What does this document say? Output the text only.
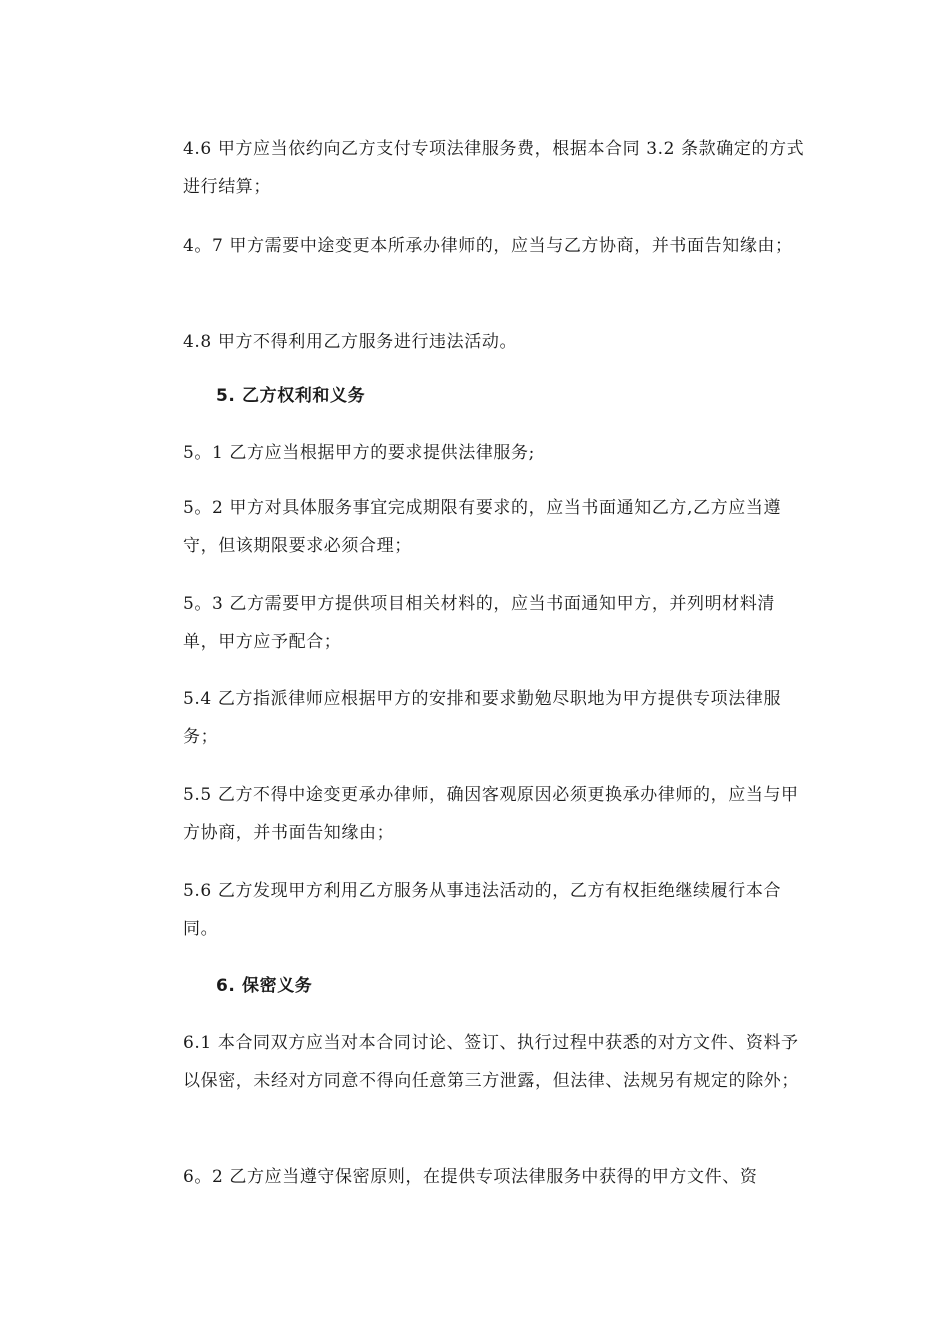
4.6 甲方应当依约向乙方支付专项法律服务费，根据本合同 3.2 条款确定的方式进行结算；

4。7 甲方需要中途变更本所承办律师的，应当与乙方协商，并书面告知缘由；

4.8 甲方不得利用乙方服务进行违法活动。

5. 乙方权利和义务

5。1 乙方应当根据甲方的要求提供法律服务;

5。2 甲方对具体服务事宜完成期限有要求的，应当书面通知乙方,乙方应当遵守，但该期限要求必须合理；

5。3 乙方需要甲方提供项目相关材料的，应当书面通知甲方，并列明材料清单，甲方应予配合；

5.4 乙方指派律师应根据甲方的安排和要求勤勉尽职地为甲方提供专项法律服务；

5.5 乙方不得中途变更承办律师，确因客观原因必须更换承办律师的，应当与甲方协商，并书面告知缘由；

5.6 乙方发现甲方利用乙方服务从事违法活动的，乙方有权拒绝继续履行本合同。

6. 保密义务

6.1 本合同双方应当对本合同讨论、签订、执行过程中获悉的对方文件、资料予以保密，未经对方同意不得向任意第三方泄露，但法律、法规另有规定的除外；

6。2 乙方应当遵守保密原则，在提供专项法律服务中获得的甲方文件、资
